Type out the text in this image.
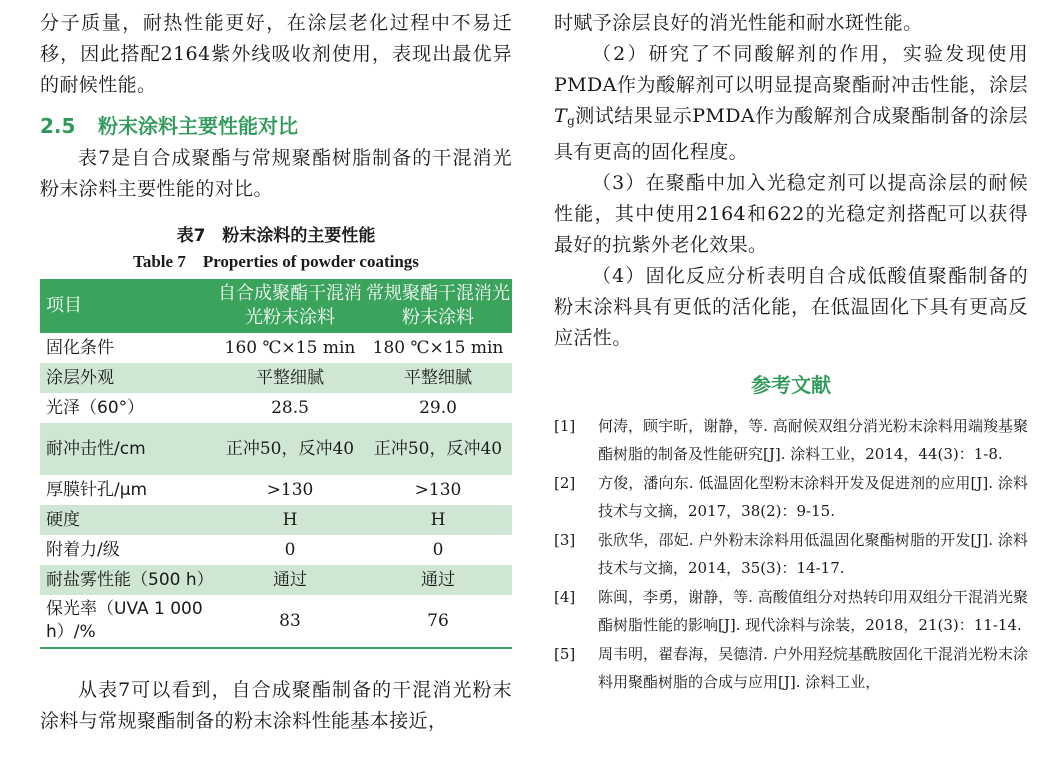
分子质量，耐热性能更好，在涂层老化过程中不易迁移，因此搭配2164紫外线吸收剂使用，表现出最优异的耐候性能。

2.5 粉末涂料主要性能对比

表7是自合成聚酯与常规聚酯树脂制备的干混消光粉末涂料主要性能的对比。

表7　粉末涂料的主要性能
Table 7　Properties of powder coatings
项目	自合成聚酯干混消光粉末涂料	常规聚酯干混消光粉末涂料
固化条件	160 ℃×15 min	180 ℃×15 min
涂层外观	平整细腻	平整细腻
光泽（60°）	28.5	29.0
耐冲击性/cm	正冲50，反冲40	正冲50，反冲40
厚膜针孔/μm	>130	>130
硬度	H	H
附着力/级	0	0
耐盐雾性能（500 h）	通过	通过
保光率（UVA 1 000 h）/%	83	76

从表7可以看到，自合成聚酯制备的干混消光粉末涂料与常规聚酯制备的粉末涂料性能基本接近，

时赋予涂层良好的消光性能和耐水斑性能。

（2）研究了不同酸解剂的作用，实验发现使用PMDA作为酸解剂可以明显提高聚酯耐冲击性能，涂层Tg测试结果显示PMDA作为酸解剂合成聚酯制备的涂层具有更高的固化程度。

（3）在聚酯中加入光稳定剂可以提高涂层的耐候性能，其中使用2164和622的光稳定剂搭配可以获得最好的抗紫外老化效果。

（4）固化反应分析表明自合成低酸值聚酯制备的粉末涂料具有更低的活化能，在低温固化下具有更高反应活性。

参考文献
[1]	何涛，顾宇昕，谢静，等. 高耐候双组分消光粉末涂料用端羧基聚酯树脂的制备及性能研究[J]. 涂料工业，2014，44(3)：1-8.
[2]	方俊，潘向东. 低温固化型粉末涂料开发及促进剂的应用[J]. 涂料技术与文摘，2017，38(2)：9-15.
[3]	张欣华，邵妃. 户外粉末涂料用低温固化聚酯树脂的开发[J]. 涂料技术与文摘，2014，35(3)：14-17.
[4]	陈闽，李勇，谢静，等. 高酸值组分对热转印用双组分干混消光聚酯树脂性能的影响[J]. 现代涂料与涂装，2018，21(3)：11-14.
[5]	周韦明，翟春海，吴德清. 户外用羟烷基酰胺固化干混消光粉末涂料用聚酯树脂的合成与应用[J]. 涂料工业，
